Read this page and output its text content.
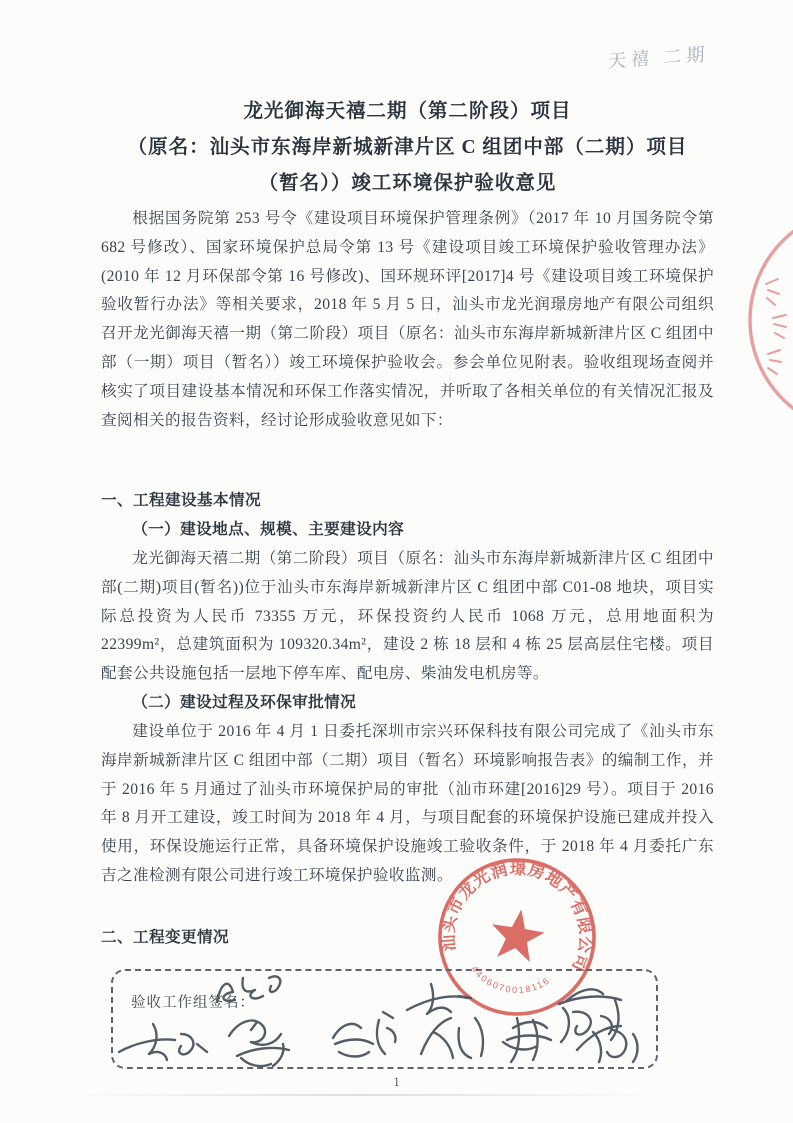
天禧 二期
龙光御海天禧二期（第二阶段）项目
（原名：汕头市东海岸新城新津片区 C 组团中部（二期）项目
（暂名））竣工环境保护验收意见

根据国务院第 253 号令《建设项目环境保护管理条例》（2017 年 10 月国务院令第 682 号修改）、国家环境保护总局令第 13 号《建设项目竣工环境保护验收管理办法》(2010 年 12 月环保部令第 16 号修改)、国环规环评[2017]4 号《建设项目竣工环境保护验收暂行办法》等相关要求，2018 年 5 月 5 日，汕头市龙光润璟房地产有限公司组织召开龙光御海天禧一期（第二阶段）项目（原名：汕头市东海岸新城新津片区 C 组团中部（一期）项目（暂名））竣工环境保护验收会。参会单位见附表。验收组现场查阅并核实了项目建设基本情况和环保工作落实情况，并听取了各相关单位的有关情况汇报及查阅相关的报告资料，经讨论形成验收意见如下：

一、工程建设基本情况

（一）建设地点、规模、主要建设内容

龙光御海天禧二期（第二阶段）项目（原名：汕头市东海岸新城新津片区 C 组团中部(二期)项目(暂名))位于汕头市东海岸新城新津片区 C 组团中部 C01-08 地块，项目实际总投资为人民币 73355 万元，环保投资约人民币 1068 万元，总用地面积为 22399m²，总建筑面积为 109320.34m²，建设 2 栋 18 层和 4 栋 25 层高层住宅楼。项目配套公共设施包括一层地下停车库、配电房、柴油发电机房等。

（二）建设过程及环保审批情况

建设单位于 2016 年 4 月 1 日委托深圳市宗兴环保科技有限公司完成了《汕头市东海岸新城新津片区 C 组团中部（二期）项目（暂名）环境影响报告表》的编制工作，并于 2016 年 5 月通过了汕头市环境保护局的审批（汕市环建[2016]29 号）。项目于 2016 年 8 月开工建设，竣工时间为 2018 年 4 月，与项目配套的环境保护设施已建成并投入使用，环保设施运行正常，具备环境保护设施竣工验收条件，于 2018 年 4 月委托广东吉之准检测有限公司进行竣工环境保护验收监测。

二、工程变更情况	汕头市龙光润璟房地产有限公司
4406070018116
验收工作组签名：
1
